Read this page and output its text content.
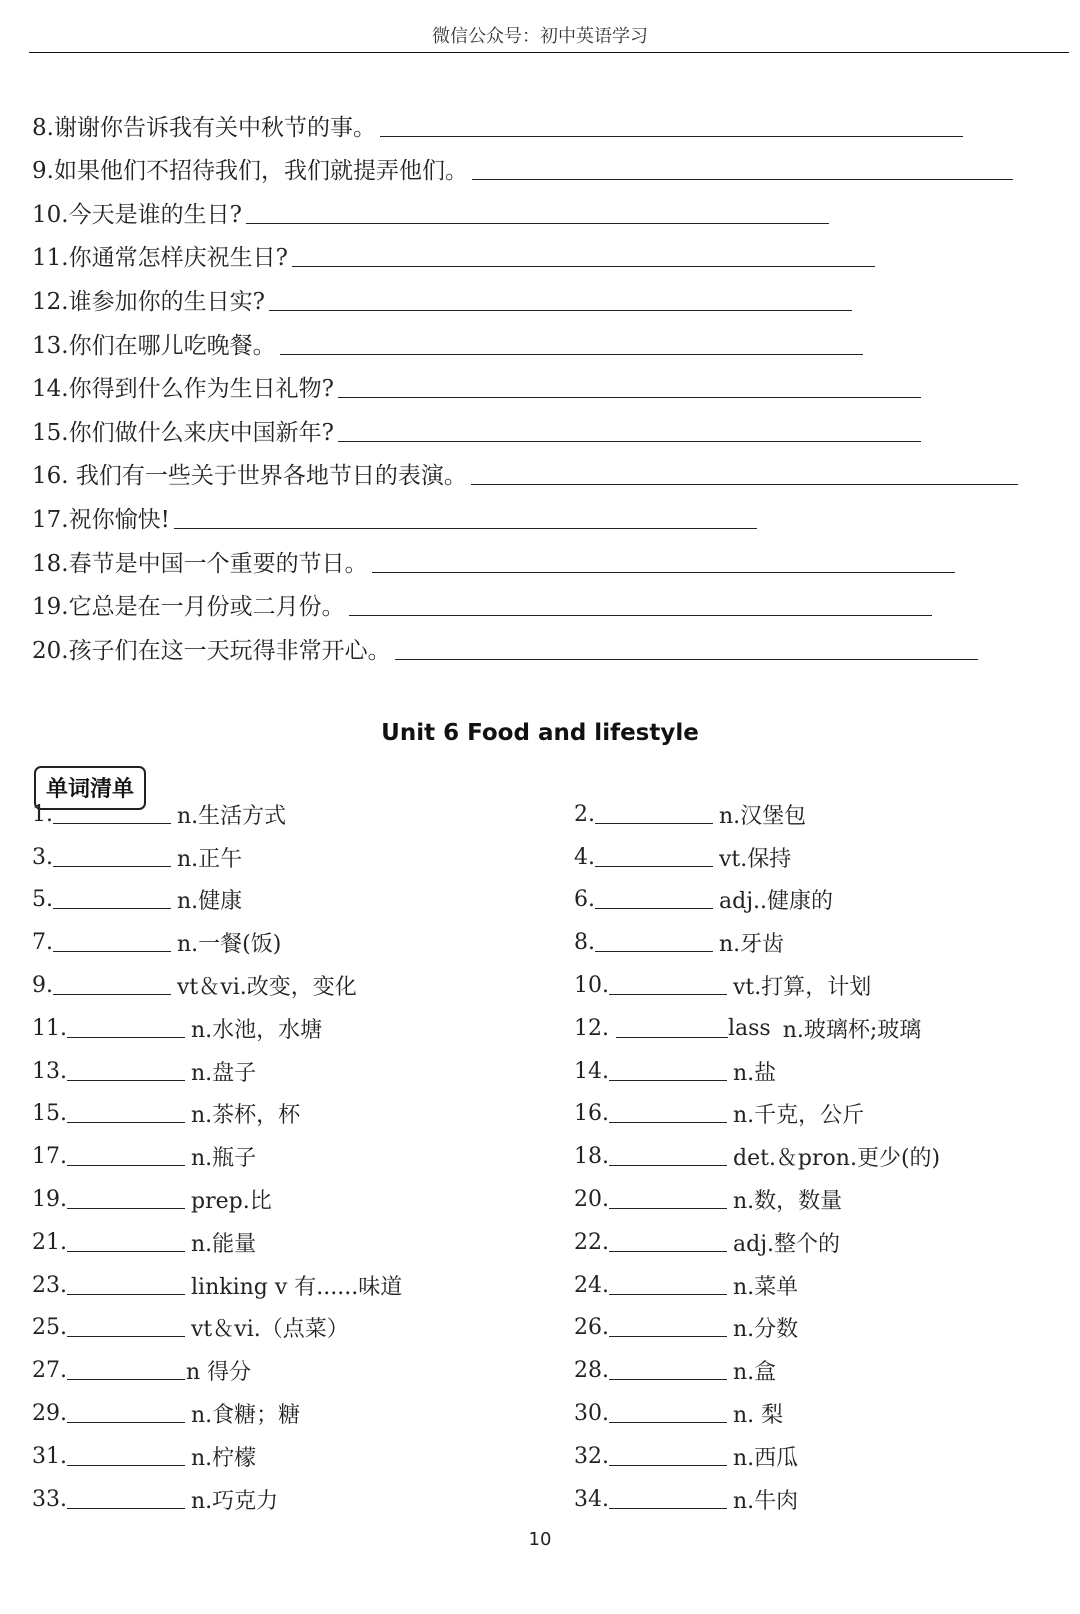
微信公众号：初中英语学习
8.谢谢你告诉我有关中秋节的事。
9.如果他们不招待我们，我们就提弄他们。
10.今天是谁的生日?
11.你通常怎样庆祝生日?
12.谁参加你的生日实?
13.你们在哪儿吃晚餐。
14.你得到什么作为生日礼物?
15.你们做什么来庆中国新年?
16. 我们有一些关于世界各地节日的表演。
17.祝你愉快!
18.春节是中国一个重要的节日。
19.它总是在一月份或二月份。
20.孩子们在这一天玩得非常开心。
Unit 6 Food and lifestyle
单词清单
1.	n.生活方式
3.	n.正午
5.	n.健康
7.	n.一餐(饭)
9.	vt＆vi.改变，变化
11.	n.水池，水塘
13.	n.盘子
15.	n.茶杯，杯
17.	n.瓶子
19.	prep.比
21.	n.能量
23.	linking v 有......味道
25.	vt＆vi.（点菜）
27.	n 得分
29.	n.食糖；糖
31.	n.柠檬
33.	n.巧克力
2.	n.汉堡包
4.	vt.保持
6.	adj..健康的
8.	n.牙齿
10.	vt.打算，计划
12.	lass n.玻璃杯;玻璃
14.	n.盐
16.	n.千克，公斤
18.	det.＆pron.更少(的)
20.	n.数，数量
22.	adj.整个的
24.	n.菜单
26.	n.分数
28.	n.盒
30.	n. 梨
32.	n.西瓜
34.	n.牛肉
10
